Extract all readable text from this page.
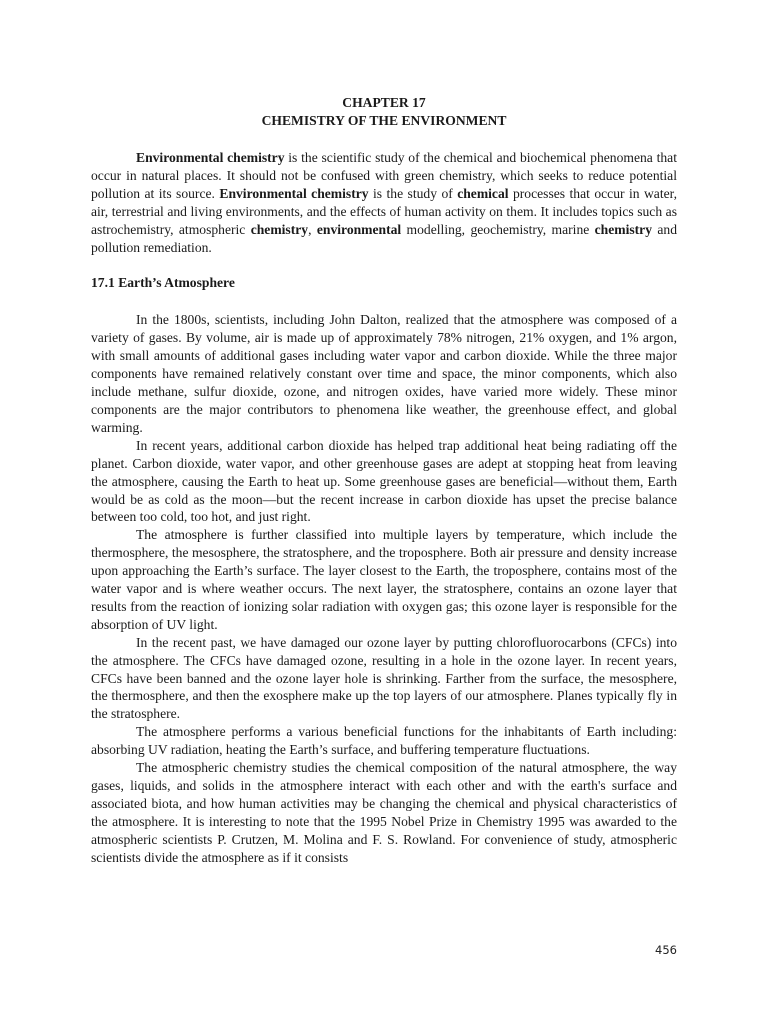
CHAPTER 17

CHEMISTRY OF THE ENVIRONMENT

Environmental chemistry is the scientific study of the chemical and biochemical phenomena that occur in natural places. It should not be confused with green chemistry, which seeks to reduce potential pollution at its source. Environmental chemistry is the study of chemical processes that occur in water, air, terrestrial and living environments, and the effects of human activity on them. It includes topics such as astrochemistry, atmospheric chemistry, environmental modelling, geochemistry, marine chemistry and pollution remediation.

17.1 Earth’s Atmosphere

In the 1800s, scientists, including John Dalton, realized that the atmosphere was composed of a variety of gases. By volume, air is made up of approximately 78% nitrogen, 21% oxygen, and 1% argon, with small amounts of additional gases including water vapor and carbon dioxide. While the three major components have remained relatively constant over time and space, the minor components, which also include methane, sulfur dioxide, ozone, and nitrogen oxides, have varied more widely. These minor components are the major contributors to phenomena like weather, the greenhouse effect, and global warming.

In recent years, additional carbon dioxide has helped trap additional heat being radiating off the planet. Carbon dioxide, water vapor, and other greenhouse gases are adept at stopping heat from leaving the atmosphere, causing the Earth to heat up. Some greenhouse gases are beneficial—without them, Earth would be as cold as the moon—but the recent increase in carbon dioxide has upset the precise balance between too cold, too hot, and just right.

The atmosphere is further classified into multiple layers by temperature, which include the thermosphere, the mesosphere, the stratosphere, and the troposphere. Both air pressure and density increase upon approaching the Earth’s surface. The layer closest to the Earth, the troposphere, contains most of the water vapor and is where weather occurs. The next layer, the stratosphere, contains an ozone layer that results from the reaction of ionizing solar radiation with oxygen gas; this ozone layer is responsible for the absorption of UV light.

In the recent past, we have damaged our ozone layer by putting chlorofluorocarbons (CFCs) into the atmosphere. The CFCs have damaged ozone, resulting in a hole in the ozone layer. In recent years, CFCs have been banned and the ozone layer hole is shrinking. Farther from the surface, the mesosphere, the thermosphere, and then the exosphere make up the top layers of our atmosphere. Planes typically fly in the stratosphere.

The atmosphere performs a various beneficial functions for the inhabitants of Earth including: absorbing UV radiation, heating the Earth’s surface, and buffering temperature fluctuations.

The atmospheric chemistry studies the chemical composition of the natural atmosphere, the way gases, liquids, and solids in the atmosphere interact with each other and with the earth's surface and associated biota, and how human activities may be changing the chemical and physical characteristics of the atmosphere. It is interesting to note that the 1995 Nobel Prize in Chemistry 1995 was awarded to the atmospheric scientists P. Crutzen, M. Molina and F. S. Rowland. For convenience of study, atmospheric scientists divide the atmosphere as if it consists

456
